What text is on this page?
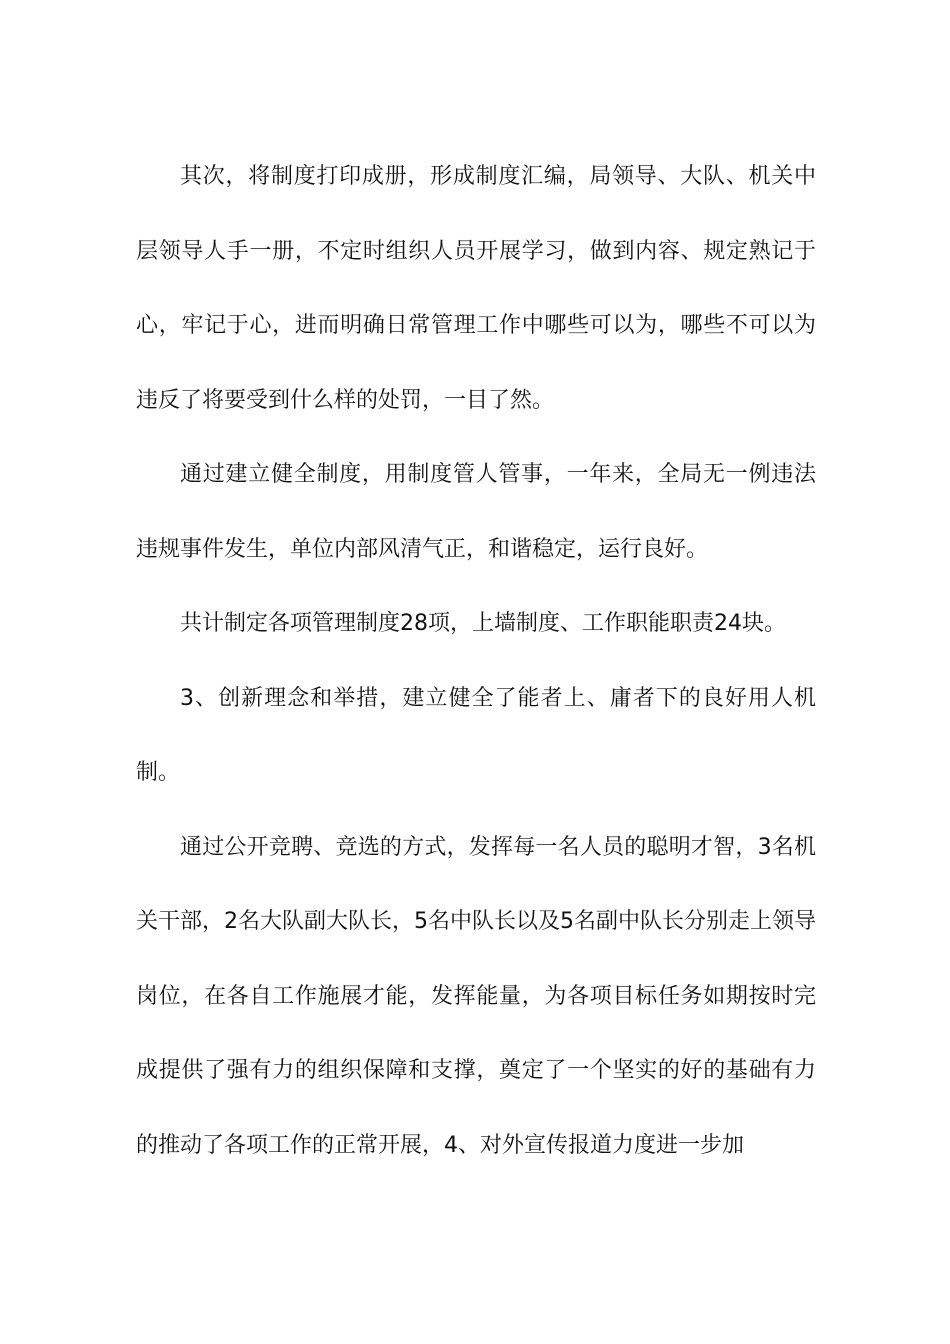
其次，将制度打印成册，形成制度汇编，局领导、大队、机关中层领导人手一册，不定时组织人员开展学习，做到内容、规定熟记于心，牢记于心，进而明确日常管理工作中哪些可以为，哪些不可以为违反了将要受到什么样的处罚，一目了然。

通过建立健全制度，用制度管人管事，一年来，全局无一例违法违规事件发生，单位内部风清气正，和谐稳定，运行良好。

共计制定各项管理制度28项，上墙制度、工作职能职责24块。

3、创新理念和举措，建立健全了能者上、庸者下的良好用人机制。

通过公开竞聘、竞选的方式，发挥每一名人员的聪明才智，3名机关干部，2名大队副大队长，5名中队长以及5名副中队长分别走上领导岗位，在各自工作施展才能，发挥能量，为各项目标任务如期按时完成提供了强有力的组织保障和支撑，奠定了一个坚实的好的基础有力的推动了各项工作的正常开展，4、对外宣传报道力度进一步加
